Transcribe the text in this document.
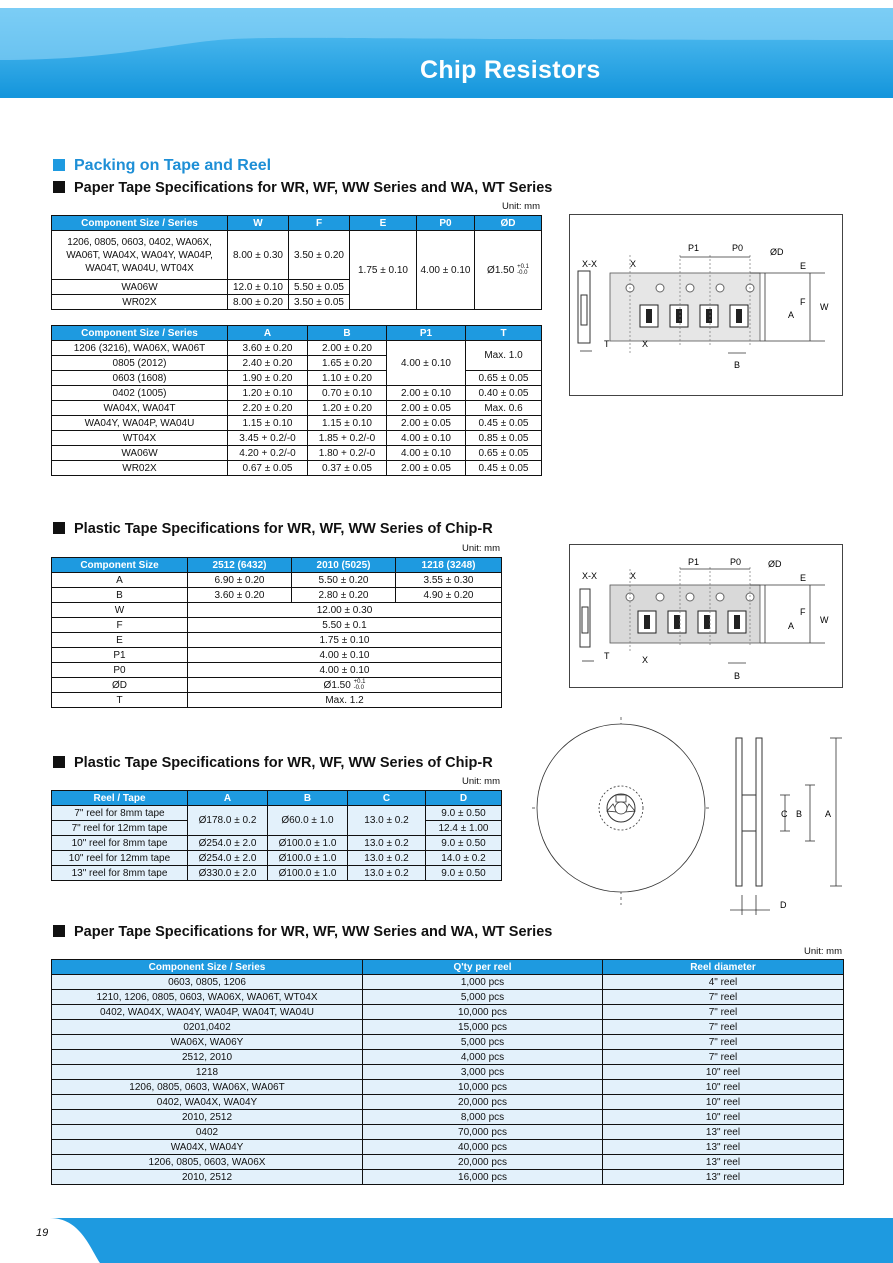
Chip Resistors
www.passivecomponent.com
Packing on Tape and Reel
Paper Tape Specifications for WR, WF, WW Series and WA, WT Series
Unit: mm
Component Size / Series	W	F	E	P0	ØD
1206, 0805, 0603, 0402, WA06X, WA06T, WA04X, WA04Y, WA04P, WA04T, WA04U, WT04X	8.00 ± 0.30	3.50 ± 0.20	1.75 ± 0.10	4.00 ± 0.10	Ø1.50 +0.1
-0.0
WA06W	12.0 ± 0.10	5.50 ± 0.05			
WR02X	8.00 ± 0.20	3.50 ± 0.05			
Component Size / Series	A	B	P1	T
1206 (3216), WA06X, WA06T	3.60 ± 0.20	2.00 ± 0.20	4.00 ± 0.10	Max. 1.0
0805 (2012)	2.40 ± 0.20	1.65 ± 0.20		
0603 (1608)	1.90 ± 0.20	1.10 ± 0.20		0.65 ± 0.05
0402 (1005)	1.20 ± 0.10	0.70 ± 0.10	2.00 ± 0.10	0.40 ± 0.05
WA04X, WA04T	2.20 ± 0.20	1.20 ± 0.20	2.00 ± 0.05	Max. 0.6
WA04Y, WA04P, WA04U	1.15 ± 0.10	1.15 ± 0.10	2.00 ± 0.05	0.45 ± 0.05
WT04X	3.45 + 0.2/-0	1.85 + 0.2/-0	4.00 ± 0.10	0.85 ± 0.05
WA06W	4.20 + 0.2/-0	1.80 + 0.2/-0	4.00 ± 0.10	0.65 ± 0.05
WR02X	0.67 ± 0.05	0.37 ± 0.05	2.00 ± 0.05	0.45 ± 0.05
X-X	X
P1	P0	ØD
E
F W
A
T	X
B
Plastic Tape Specifications for WR, WF, WW Series of Chip-R
Unit: mm
Component Size	2512 (6432)	2010 (5025)	1218 (3248)
A	6.90 ± 0.20	5.50 ± 0.20	3.55 ± 0.30
B	3.60 ± 0.20	2.80 ± 0.20	4.90 ± 0.20
W	12.00 ± 0.30		
F	5.50 ± 0.1		
E	1.75 ± 0.10		
P1	4.00 ± 0.10		
P0	4.00 ± 0.10		
ØD	Ø1.50 +0.1
-0.0		
T	Max. 1.2		
X-X	X
P1	P0	ØD
E
F
W
A
T	X
B
Plastic Tape Specifications for WR, WF, WW Series of Chip-R
Unit: mm
Reel / Tape	A	B	C	D
7" reel for 8mm tape	Ø178.0 ± 0.2	Ø60.0 ± 1.0	13.0 ± 0.2	9.0 ± 0.50
7" reel for 12mm tape				12.4 ± 1.00
10" reel for 8mm tape	Ø254.0 ± 2.0	Ø100.0 ± 1.0	13.0 ± 0.2	9.0 ± 0.50
10" reel for 12mm tape	Ø254.0 ± 2.0	Ø100.0 ± 1.0	13.0 ± 0.2	14.0 ± 0.2
13" reel for 8mm tape	Ø330.0 ± 2.0	Ø100.0 ± 1.0	13.0 ± 0.2	9.0 ± 0.50
C B	A
D
Paper Tape Specifications for WR, WF, WW Series and WA, WT Series
Unit: mm
Component Size / Series	Q'ty per reel	Reel diameter
0603, 0805, 1206	1,000 pcs	4" reel
1210, 1206, 0805, 0603, WA06X, WA06T, WT04X	5,000 pcs	7" reel
0402, WA04X, WA04Y, WA04P, WA04T, WA04U	10,000 pcs	7" reel
0201,0402	15,000 pcs	7" reel
WA06X, WA06Y	5,000 pcs	7" reel
2512, 2010	4,000 pcs	7" reel
1218	3,000 pcs	10" reel
1206, 0805, 0603, WA06X, WA06T	10,000 pcs	10" reel
0402, WA04X, WA04Y	20,000 pcs	10" reel
2010, 2512	8,000 pcs	10" reel
0402	70,000 pcs	13" reel
WA04X, WA04Y	40,000 pcs	13" reel
1206, 0805, 0603, WA06X	20,000 pcs	13" reel
2010, 2512	16,000 pcs	13" reel
19
